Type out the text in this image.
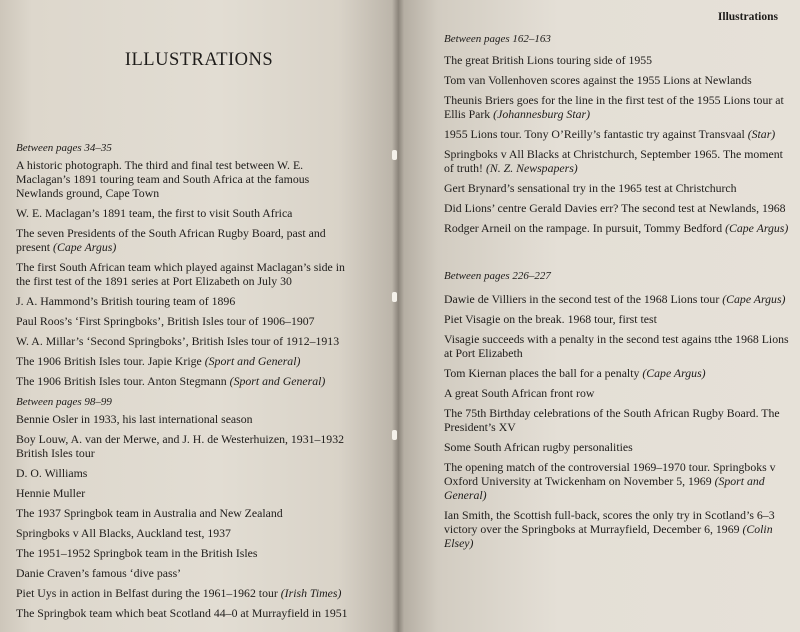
ILLUSTRATIONS
Between pages 34–35
A historic photograph. The third and final test between W. E. Maclagan’s 1891 touring team and South Africa at the famous Newlands ground, Cape Town
W. E. Maclagan’s 1891 team, the first to visit South Africa
The seven Presidents of the South African Rugby Board, past and present (Cape Argus)
The first South African team which played against Maclagan’s side in the first test of the 1891 series at Port Elizabeth on July 30
J. A. Hammond’s British touring team of 1896
Paul Roos’s ‘First Springboks’, British Isles tour of 1906–1907
W. A. Millar’s ‘Second Springboks’, British Isles tour of 1912–1913
The 1906 British Isles tour. Japie Krige (Sport and General)
The 1906 British Isles tour. Anton Stegmann (Sport and General)
Between pages 98–99
Bennie Osler in 1933, his last international season
Boy Louw, A. van der Merwe, and J. H. de Westerhuizen, 1931–1932 British Isles tour
D. O. Williams
Hennie Muller
The 1937 Springbok team in Australia and New Zealand
Springboks v All Blacks, Auckland test, 1937
The 1951–1952 Springbok team in the British Isles
Danie Craven’s famous ‘dive pass’
Piet Uys in action in Belfast during the 1961–1962 tour (Irish Times)
The Springbok team which beat Scotland 44–0 at Murrayfield in 1951
Illustrations
Between pages 162–163
The great British Lions touring side of 1955
Tom van Vollenhoven scores against the 1955 Lions at Newlands
Theunis Briers goes for the line in the first test of the 1955 Lions tour at Ellis Park (Johannesburg Star)
1955 Lions tour. Tony O’Reilly’s fantastic try against Transvaal (Star)
Springboks v All Blacks at Christchurch, September 1965. The moment of truth! (N. Z. Newspapers)
Gert Brynard’s sensational try in the 1965 test at Christchurch
Did Lions’ centre Gerald Davies err? The second test at Newlands, 1968
Rodger Arneil on the rampage. In pursuit, Tommy Bedford (Cape Argus)
Between pages 226–227
Dawie de Villiers in the second test of the 1968 Lions tour (Cape Argus)
Piet Visagie on the break. 1968 tour, first test
Visagie succeeds with a penalty in the second test agains tthe 1968 Lions at Port Elizabeth
Tom Kiernan places the ball for a penalty (Cape Argus)
A great South African front row
The 75th Birthday celebrations of the South African Rugby Board. The President’s XV
Some South African rugby personalities
The opening match of the controversial 1969–1970 tour. Springboks v Oxford University at Twickenham on November 5, 1969 (Sport and General)
Ian Smith, the Scottish full-back, scores the only try in Scotland’s 6–3 victory over the Springboks at Murrayfield, December 6, 1969 (Colin Elsey)
